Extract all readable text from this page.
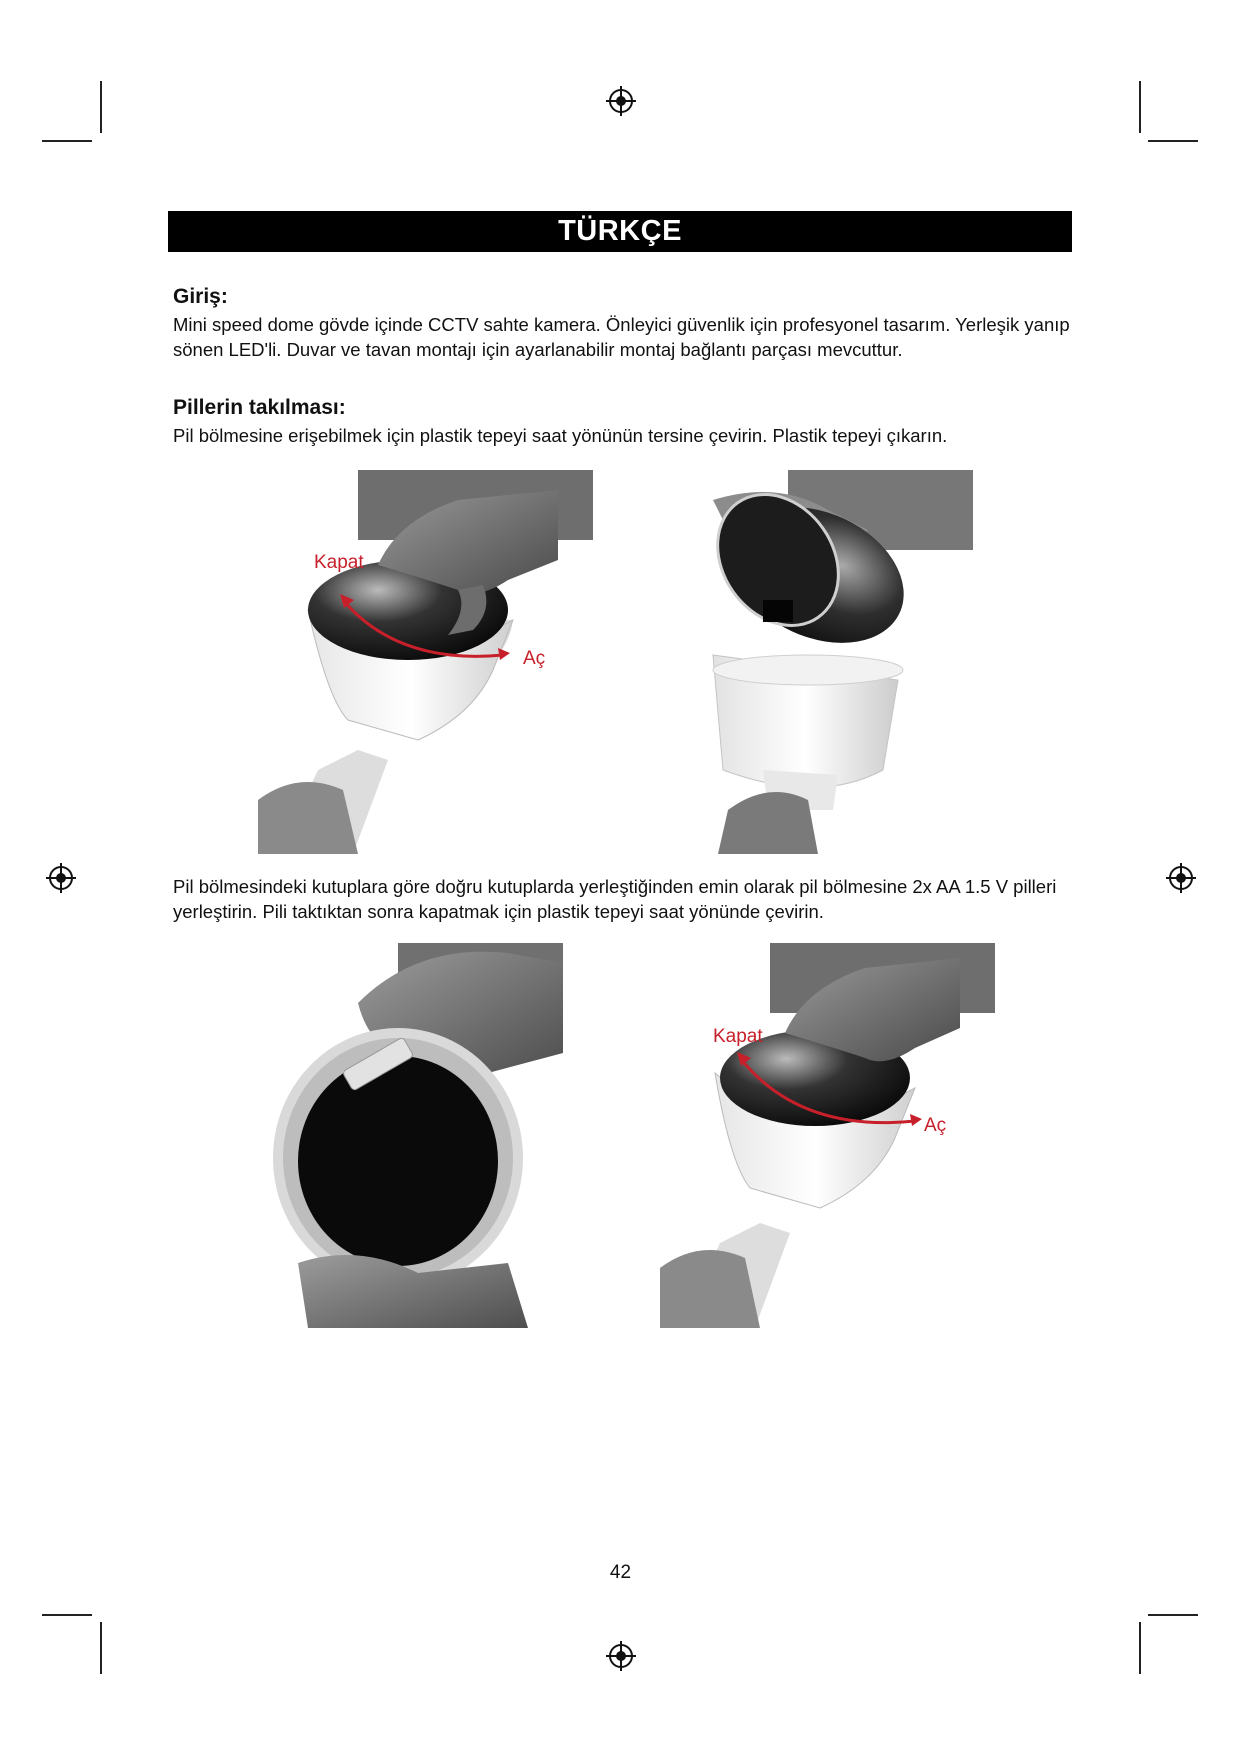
TÜRKÇE
Giriş:

Mini speed dome gövde içinde CCTV sahte kamera. Önleyici güvenlik için profesyonel tasarım. Yerleşik yanıp sönen LED'li. Duvar ve tavan montajı için ayarlanabilir montaj bağlantı parçası mevcuttur.

Pillerin takılması:

Pil bölmesine erişebilmek için plastik tepeyi saat yönünün tersine çevirin. Plastik tepeyi çıkarın.

Kapat
Aç

Pil bölmesindeki kutuplara göre doğru kutuplarda yerleştiğinden emin olarak pil bölmesine 2x AA 1.5 V pilleri yerleştirin. Pili taktıktan sonra kapatmak için plastik tepeyi saat yönünde çevirin.

Kapat
Aç
42
